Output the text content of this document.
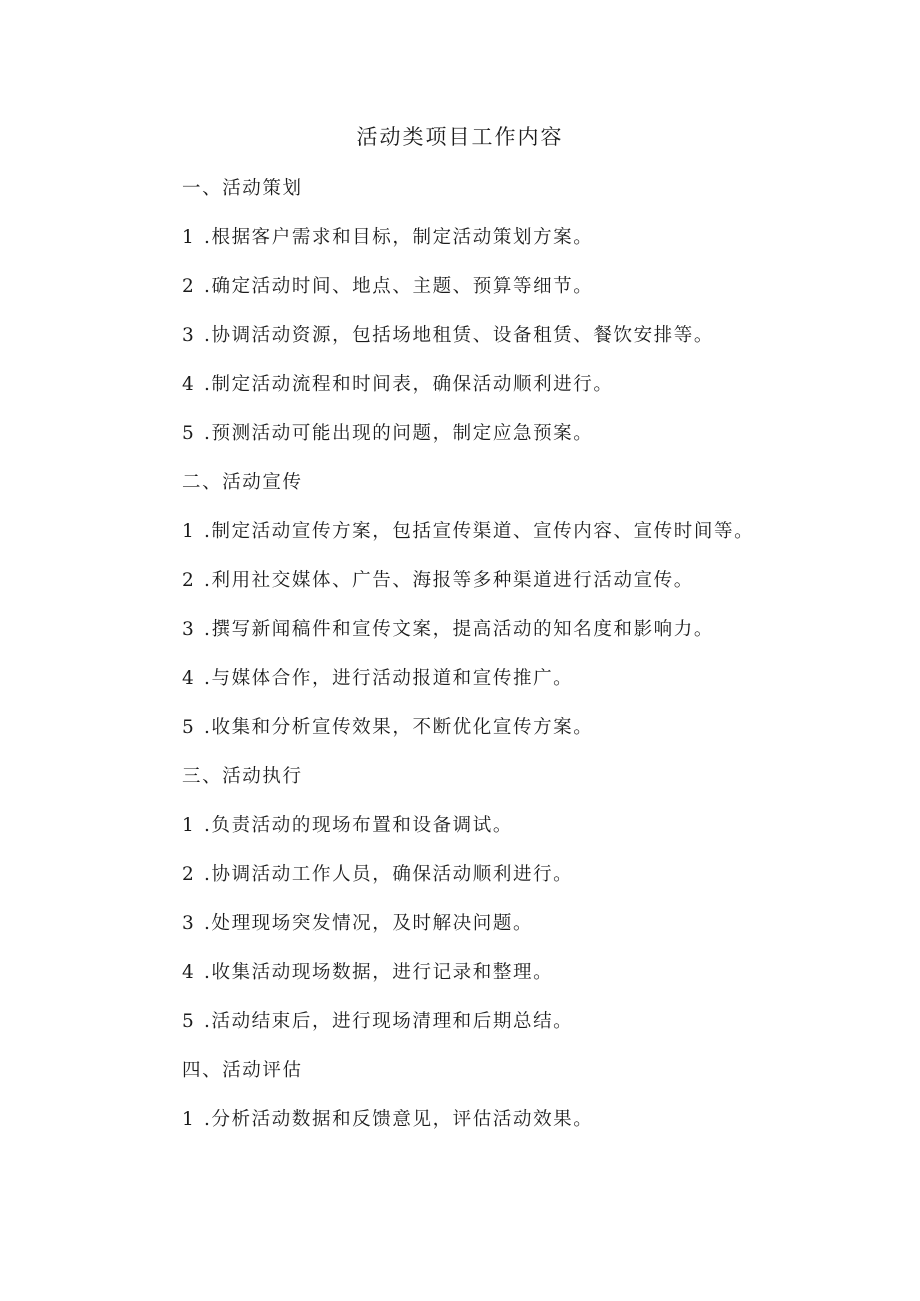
活动类项目工作内容
一、活动策划
1 .根据客户需求和目标，制定活动策划方案。
2 .确定活动时间、地点、主题、预算等细节。
3 .协调活动资源，包括场地租赁、设备租赁、餐饮安排等。
4 .制定活动流程和时间表，确保活动顺利进行。
5 .预测活动可能出现的问题，制定应急预案。
二、活动宣传
1 .制定活动宣传方案，包括宣传渠道、宣传内容、宣传时间等。
2 .利用社交媒体、广告、海报等多种渠道进行活动宣传。
3 .撰写新闻稿件和宣传文案，提高活动的知名度和影响力。
4 .与媒体合作，进行活动报道和宣传推广。
5 .收集和分析宣传效果，不断优化宣传方案。
三、活动执行
1 .负责活动的现场布置和设备调试。
2 .协调活动工作人员，确保活动顺利进行。
3 .处理现场突发情况，及时解决问题。
4 .收集活动现场数据，进行记录和整理。
5 .活动结束后，进行现场清理和后期总结。
四、活动评估
1 .分析活动数据和反馈意见，评估活动效果。
